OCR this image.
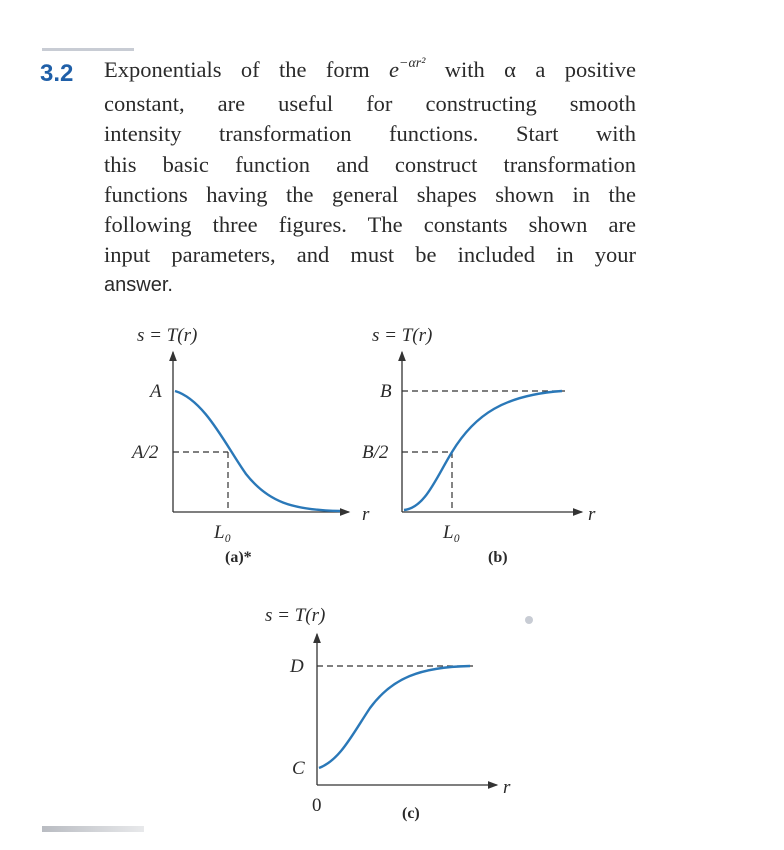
3.2 Exponentials of the form $e^{-\alpha r^2}$ with α a positive
constant, are useful for constructing smooth
intensity transformation functions. Start with
this basic function and construct transformation
functions having the general shapes shown in the
following three figures. The constants shown are
input parameters, and must be included in your
answer.
s = T(r)
A
A/2
r
L₀
(a)*
s = T(r)
B
B/2
r
L₀
(b)
s = T(r)
D
C
r
0	(c)
